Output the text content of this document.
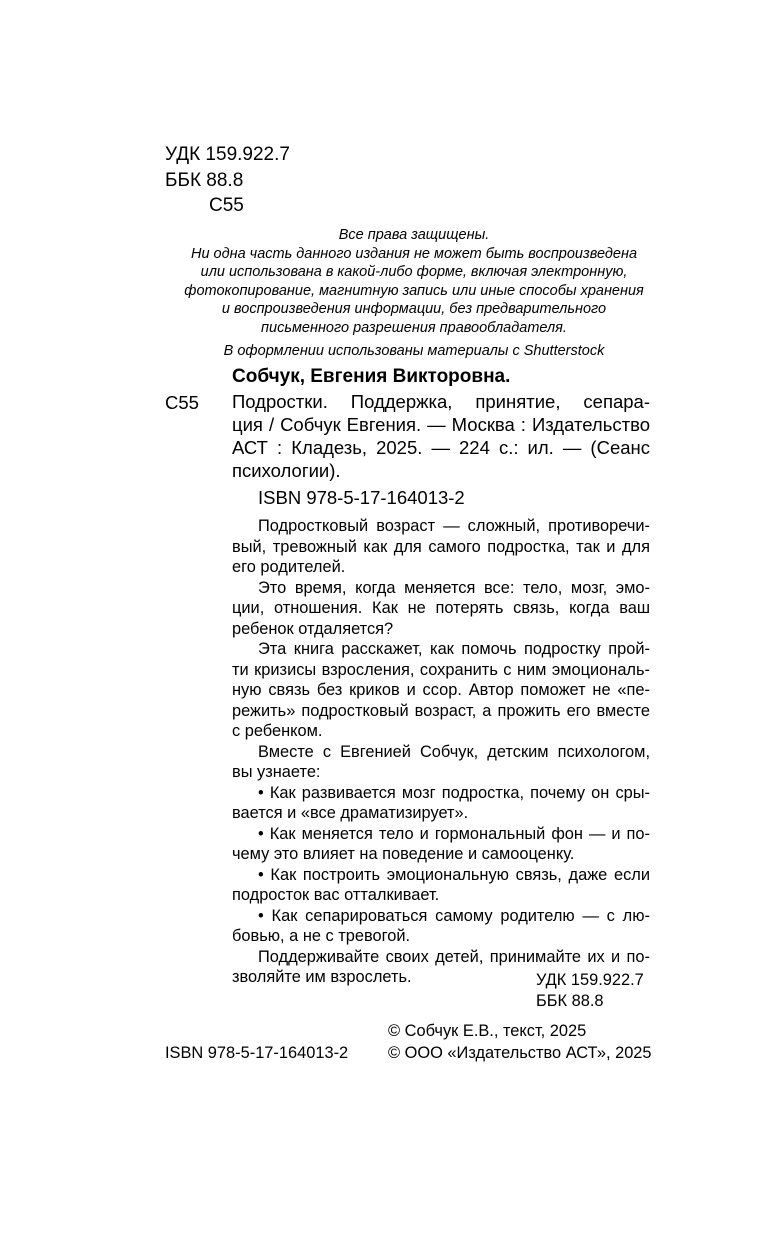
УДК 159.922.7
ББК 88.8
С55
Все права защищены.
Ни одна часть данного издания не может быть воспроизведена
или использована в какой-либо форме, включая электронную,
фотокопирование, магнитную запись или иные способы хранения
и воспроизведения информации, без предварительного
письменного разрешения правообладателя.
В оформлении использованы материалы с Shutterstock
Собчук, Евгения Викторовна.
С55 Подростки. Поддержка, принятие, сепара-
ция / Собчук Евгения. — Москва : Издательство
АСТ : Кладезь, 2025. — 224 с.: ил. — (Сеанс
психологии).
ISBN 978-5-17-164013-2
Подростковый возраст — сложный, противоречи-
вый, тревожный как для самого подростка, так и для
его родителей.
Это время, когда меняется все: тело, мозг, эмо-
ции, отношения. Как не потерять связь, когда ваш
ребенок отдаляется?
Эта книга расскажет, как помочь подростку прой-
ти кризисы взросления, сохранить с ним эмоциональ-
ную связь без криков и ссор. Автор поможет не «пе-
режить» подростковый возраст, а прожить его вместе
с ребенком.
Вместе с Евгенией Собчук, детским психологом,
вы узнаете:
• Как развивается мозг подростка, почему он сры-
вается и «все драматизирует».
• Как меняется тело и гормональный фон — и по-
чему это влияет на поведение и самооценку.
• Как построить эмоциональную связь, даже если
подросток вас отталкивает.
• Как сепарироваться самому родителю — с лю-
бовью, а не с тревогой.
Поддерживайте своих детей, принимайте их и по-
зволяйте им взрослеть.	УДК 159.922.7
ББК 88.8
© Собчук Е.В., текст, 2025
ISBN 978-5-17-164013-2 © ООО «Издательство АСТ», 2025
